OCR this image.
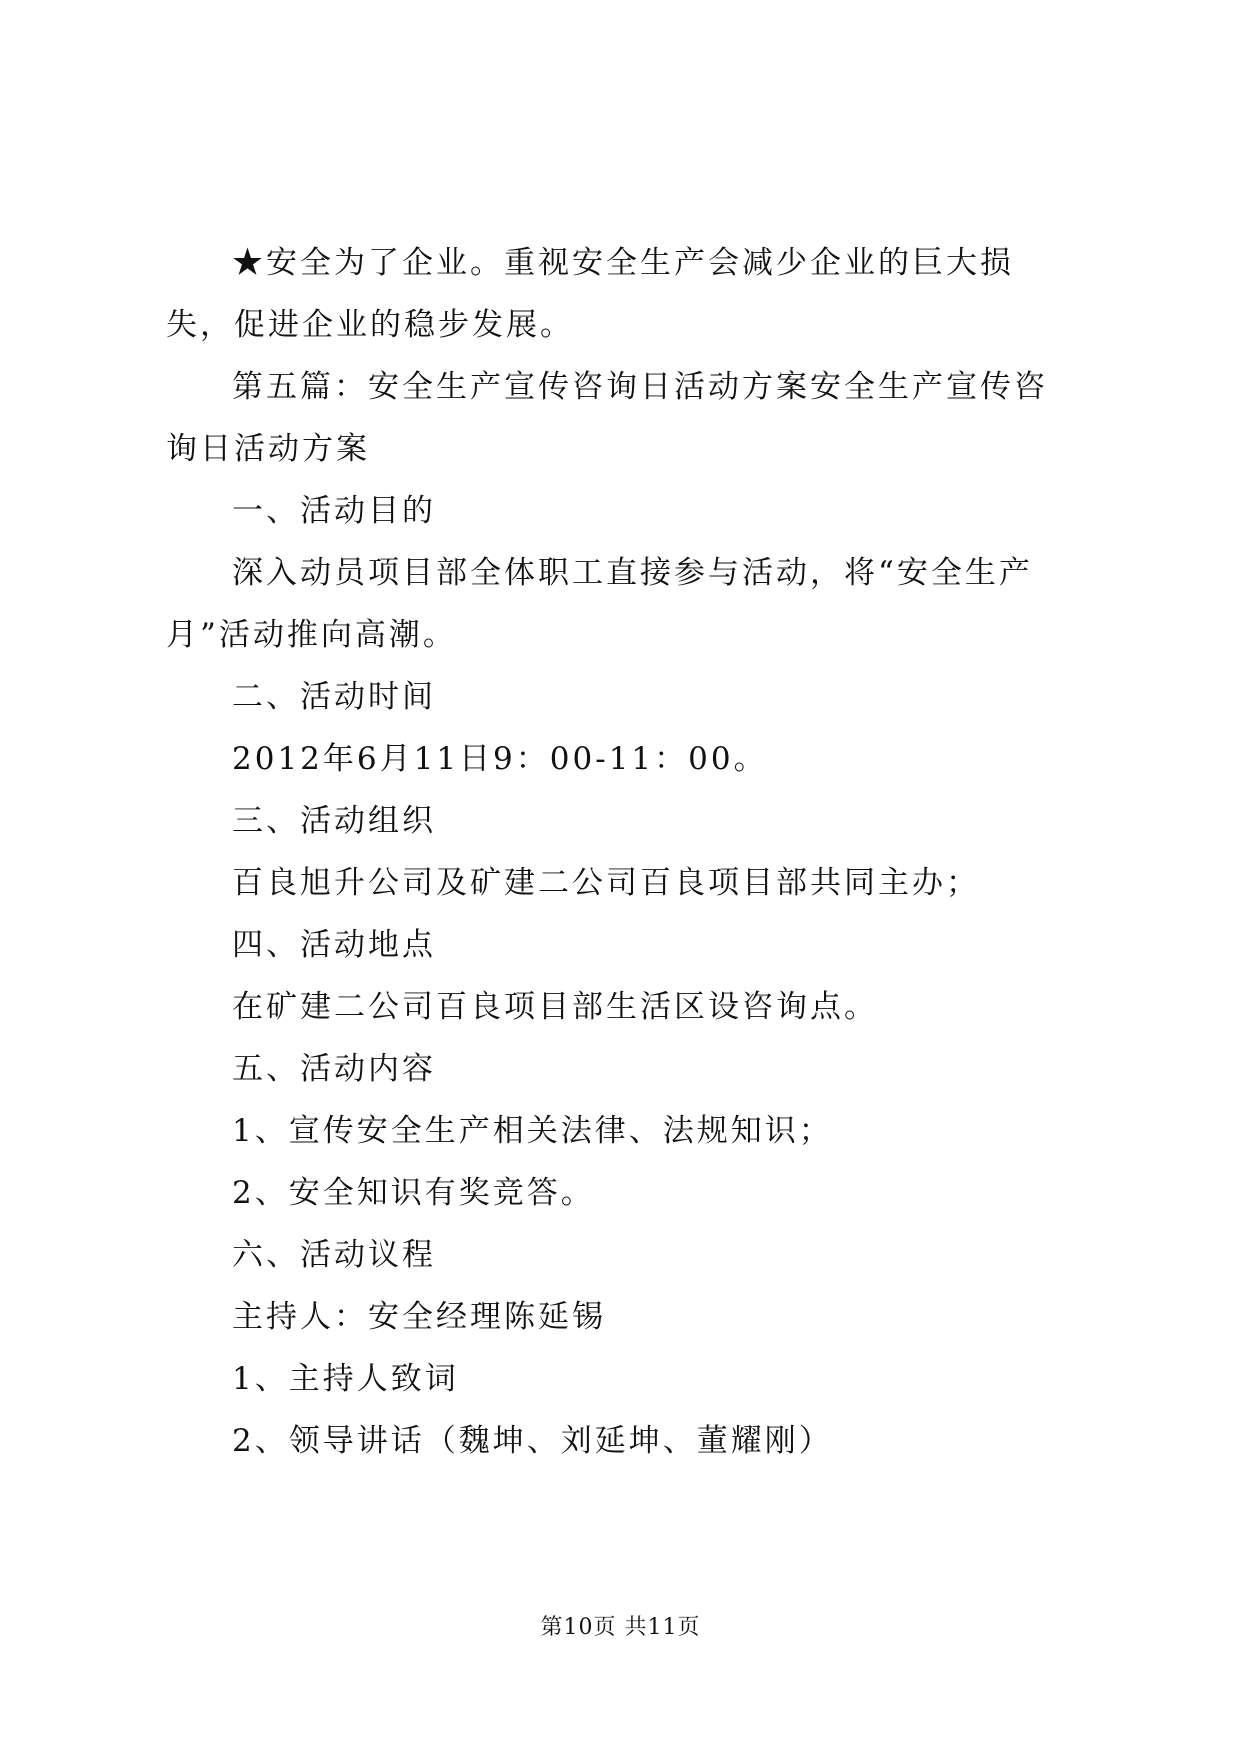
★安全为了企业。重视安全生产会减少企业的巨大损失，促进企业的稳步发展。

第五篇：安全生产宣传咨询日活动方案安全生产宣传咨询日活动方案

一、活动目的

深入动员项目部全体职工直接参与活动，将“安全生产月”活动推向高潮。

二、活动时间

2012年6月11日9：00-11：00。

三、活动组织

百良旭升公司及矿建二公司百良项目部共同主办；

四、活动地点

在矿建二公司百良项目部生活区设咨询点。

五、活动内容

1、宣传安全生产相关法律、法规知识；

2、安全知识有奖竞答。

六、活动议程

主持人：安全经理陈延锡

1、主持人致词

2、领导讲话（魏坤、刘延坤、董耀刚）

第10页 共11页
